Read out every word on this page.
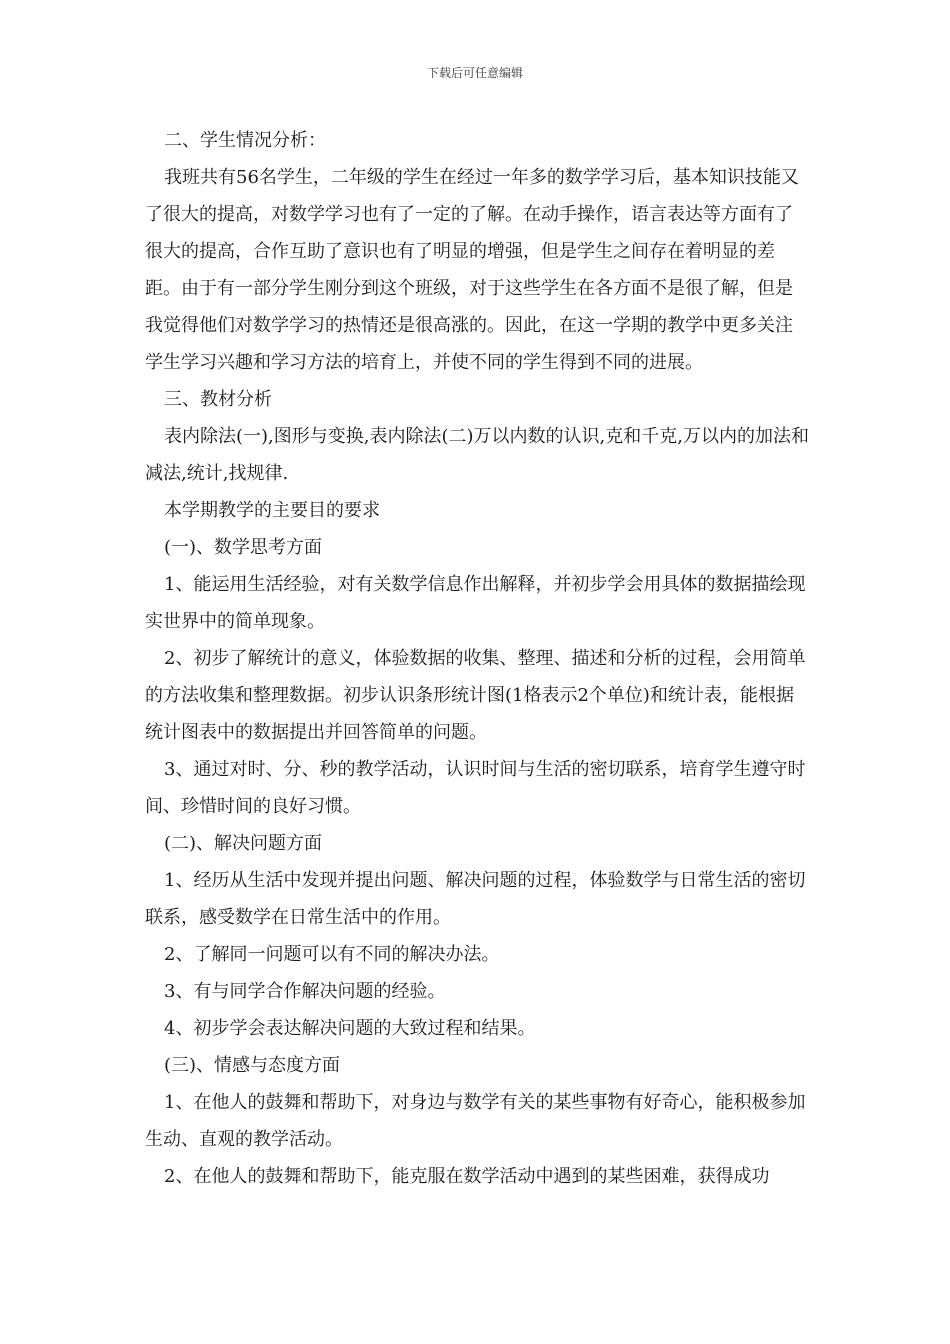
下载后可任意编辑

二、学生情况分析：

我班共有56名学生，二年级的学生在经过一年多的数学学习后，基本知识技能又了很大的提高，对数学学习也有了一定的了解。在动手操作，语言表达等方面有了很大的提高，合作互助了意识也有了明显的增强，但是学生之间存在着明显的差距。由于有一部分学生刚分到这个班级，对于这些学生在各方面不是很了解，但是我觉得他们对数学学习的热情还是很高涨的。因此，在这一学期的教学中更多关注学生学习兴趣和学习方法的培育上，并使不同的学生得到不同的进展。

三、教材分析

表内除法(一),图形与变换,表内除法(二)万以内数的认识,克和千克,万以内的加法和减法,统计,找规律.

本学期教学的主要目的要求

(一)、数学思考方面

1、能运用生活经验，对有关数学信息作出解释，并初步学会用具体的数据描绘现实世界中的简单现象。

2、初步了解统计的意义，体验数据的收集、整理、描述和分析的过程，会用简单的方法收集和整理数据。初步认识条形统计图(1格表示2个单位)和统计表，能根据统计图表中的数据提出并回答简单的问题。

3、通过对时、分、秒的教学活动，认识时间与生活的密切联系，培育学生遵守时间、珍惜时间的良好习惯。

(二)、解决问题方面

1、经历从生活中发现并提出问题、解决问题的过程，体验数学与日常生活的密切联系，感受数学在日常生活中的作用。

2、了解同一问题可以有不同的解决办法。

3、有与同学合作解决问题的经验。

4、初步学会表达解决问题的大致过程和结果。

(三)、情感与态度方面

1、在他人的鼓舞和帮助下，对身边与数学有关的某些事物有好奇心，能积极参加生动、直观的教学活动。

2、在他人的鼓舞和帮助下，能克服在数学活动中遇到的某些困难，获得成功
